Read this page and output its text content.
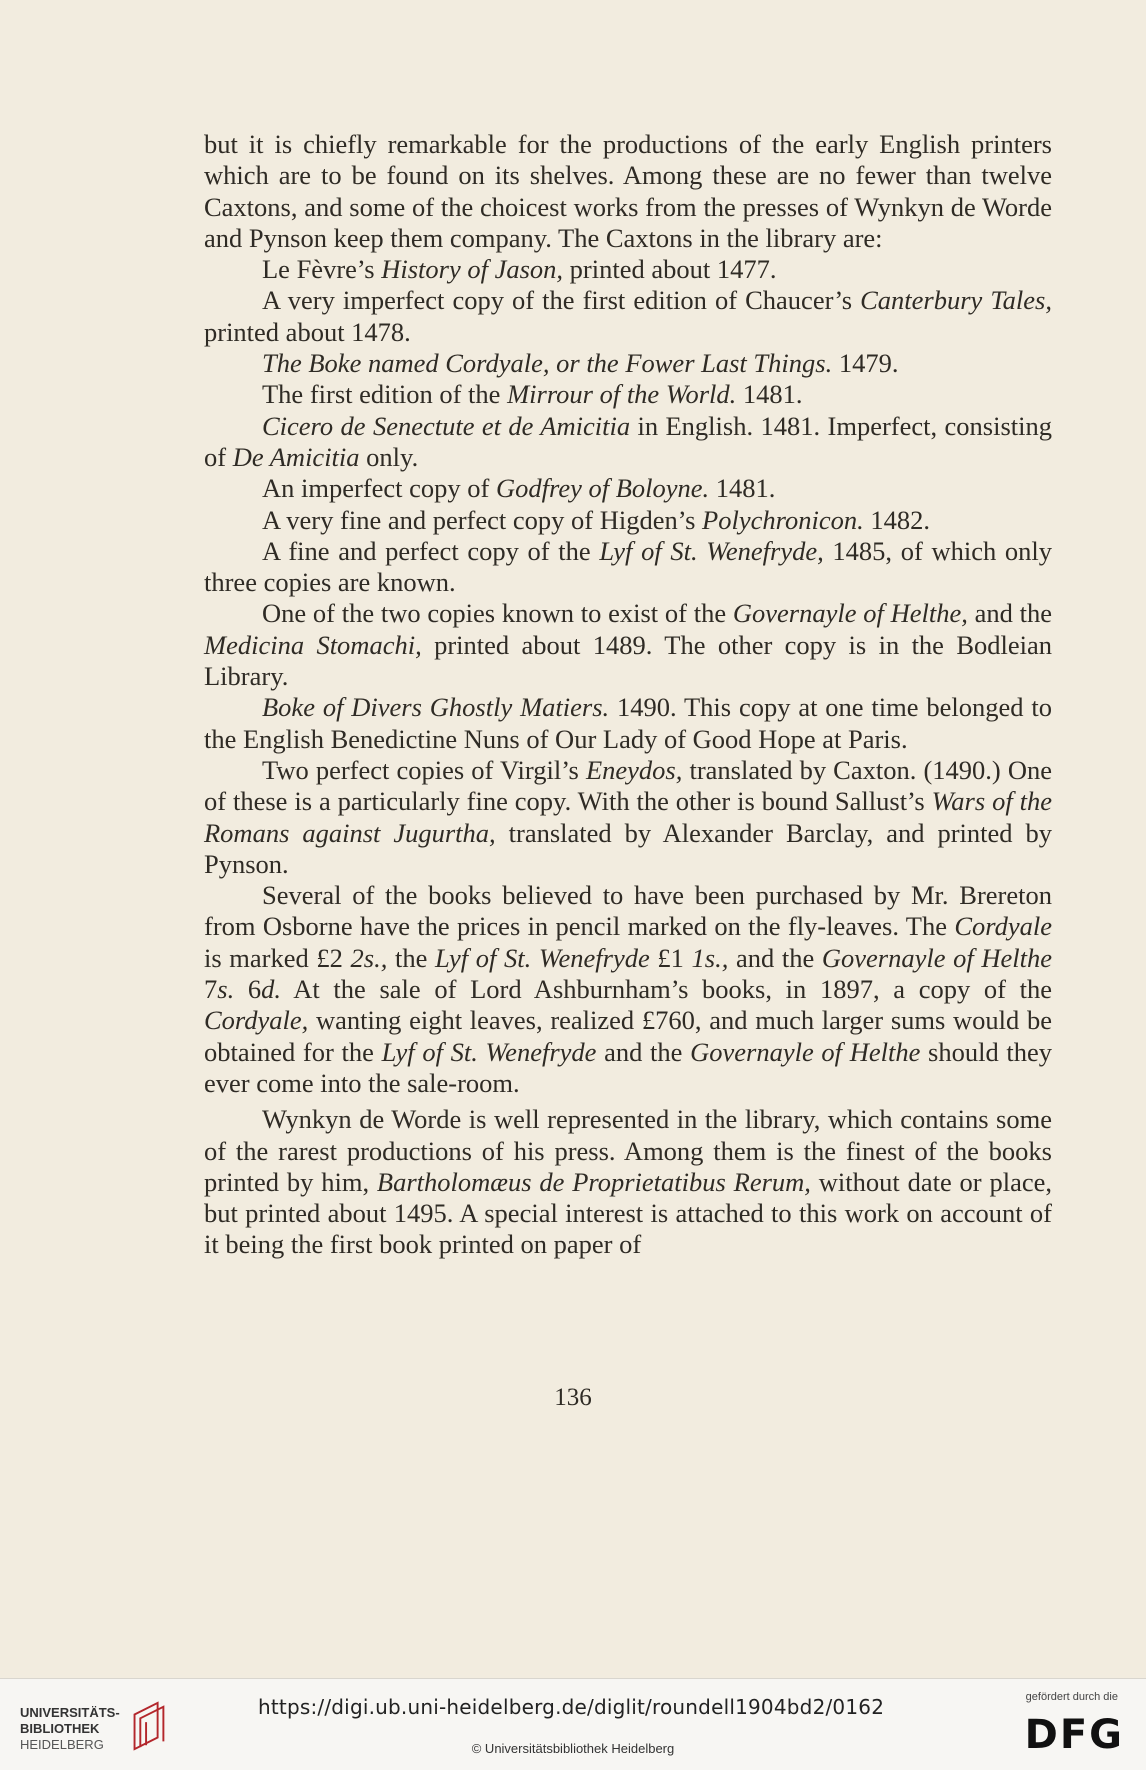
but it is chiefly remarkable for the productions of the early English printers which are to be found on its shelves. Among these are no fewer than twelve Caxtons, and some of the choicest works from the presses of Wynkyn de Worde and Pynson keep them company. The Caxtons in the library are:

Le Fèvre’s History of Jason, printed about 1477.

A very imperfect copy of the first edition of Chaucer’s Canterbury Tales, printed about 1478.

The Boke named Cordyale, or the Fower Last Things. 1479.

The first edition of the Mirrour of the World. 1481.

Cicero de Senectute et de Amicitia in English. 1481. Imperfect, consisting of De Amicitia only.

An imperfect copy of Godfrey of Boloyne. 1481.

A very fine and perfect copy of Higden’s Polychronicon. 1482.

A fine and perfect copy of the Lyf of St. Wenefryde, 1485, of which only three copies are known.

One of the two copies known to exist of the Governayle of Helthe, and the Medicina Stomachi, printed about 1489. The other copy is in the Bodleian Library.

Boke of Divers Ghostly Matiers. 1490. This copy at one time belonged to the English Benedictine Nuns of Our Lady of Good Hope at Paris.

Two perfect copies of Virgil’s Eneydos, translated by Caxton. (1490.) One of these is a particularly fine copy. With the other is bound Sallust’s Wars of the Romans against Jugurtha, translated by Alexander Barclay, and printed by Pynson.

Several of the books believed to have been purchased by Mr. Brereton from Osborne have the prices in pencil marked on the fly-leaves. The Cordyale is marked £2 2s., the Lyf of St. Wenefryde £1 1s., and the Governayle of Helthe 7s. 6d. At the sale of Lord Ashburnham’s books, in 1897, a copy of the Cordyale, wanting eight leaves, realized £760, and much larger sums would be obtained for the Lyf of St. Wenefryde and the Governayle of Helthe should they ever come into the sale-room.

Wynkyn de Worde is well represented in the library, which contains some of the rarest productions of his press. Among them is the finest of the books printed by him, Bartholomæus de Proprietatibus Rerum, without date or place, but printed about 1495. A special interest is attached to this work on account of it being the first book printed on paper of

136
UNIVERSITÄTS-
BIBLIOTHEK
HEIDELBERG
https://digi.ub.uni-heidelberg.de/diglit/roundell1904bd2/0162
© Universitätsbibliothek Heidelberg
gefördert durch die
DFG
